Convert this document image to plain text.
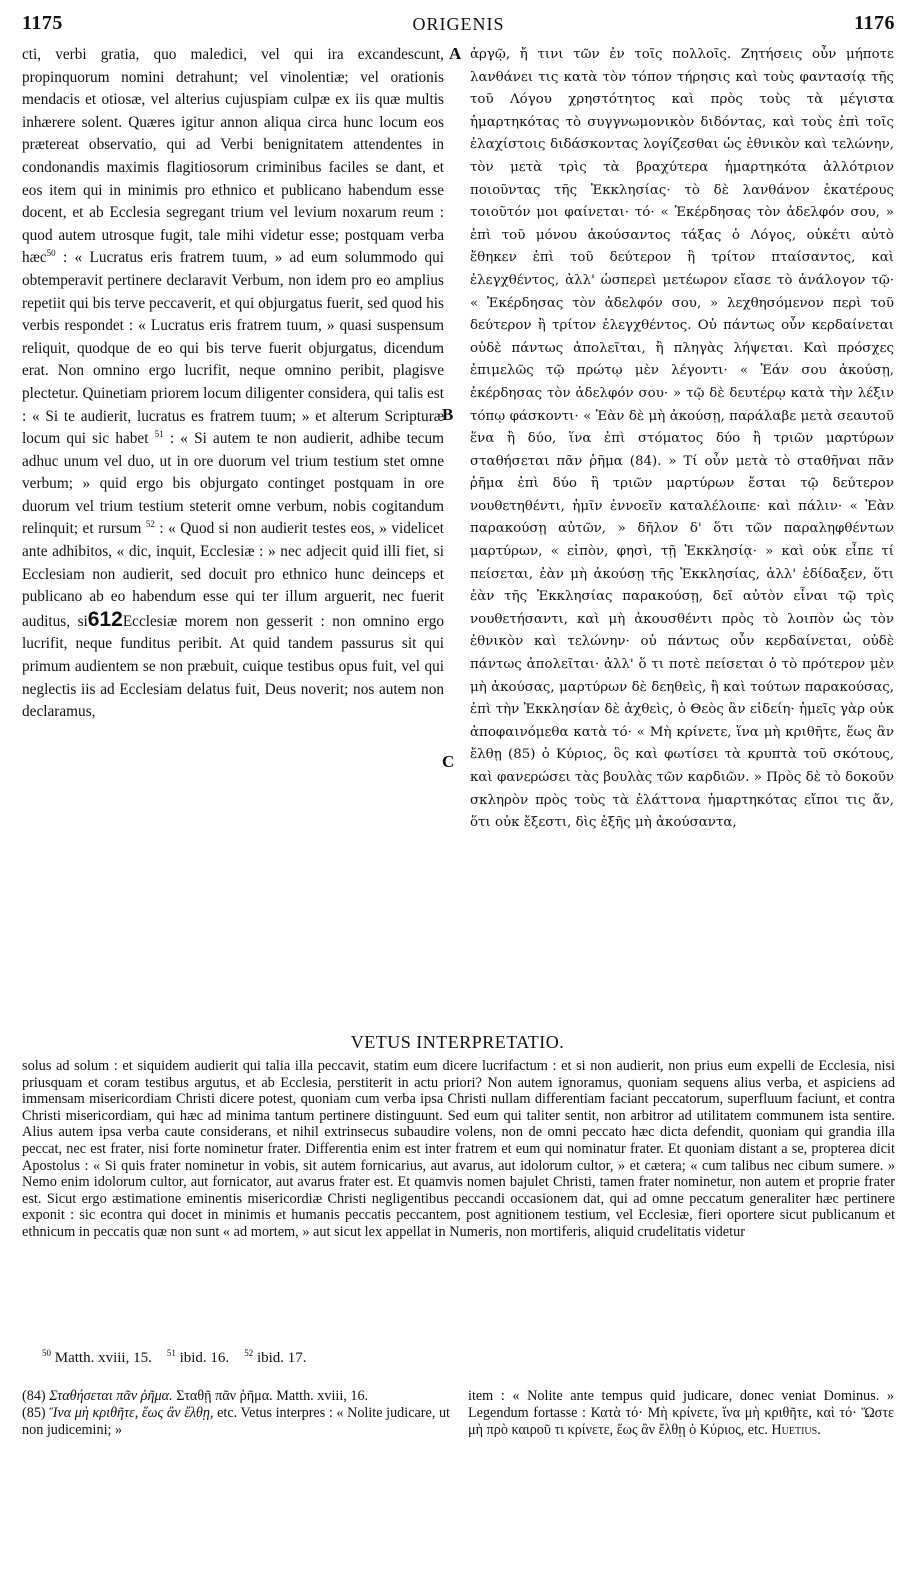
1175	ORIGENIS	1176

cti, verbi gratia, quo maledici, vel qui ira excandescunt, propinquorum nomini detrahunt; vel vinolentiæ; vel orationis mendacis et otiosæ, vel alterius cujuspiam culpæ ex iis quæ multis inhærere solent. Quæres igitur annon aliqua circa hunc locum eos prætereat observatio, qui ad Verbi benignitatem attendentes in condonandis maximis flagitiosorum criminibus faciles se dant, et eos item qui in minimis pro ethnico et publicano habendum esse docent, et ab Ecclesia segregant trium vel levium noxarum reum : quod autem utrosque fugit, tale mihi videtur esse; postquam verba hæc$^{50}$ : « Lucratus eris fratrem tuum, » ad eum solummodo qui obtemperavit pertinere declaravit Verbum, non idem pro eo amplius repetiit qui bis terve peccaverit, et qui objurgatus fuerit, sed quod his verbis respondet : « Lucratus eris fratrem tuum, » quasi suspensum reliquit, quodque de eo qui bis terve fuerit objurgatus, dicendum erat. Non omnino ergo lucrifit, neque omnino peribit, plagisve plectetur. Quinetiam priorem locum diligenter considera, qui talis est : « Si te audierit, lucratus es fratrem tuum; » et alterum Scripturæ locum qui sic habet $^{51}$ : « Si autem te non audierit, adhibe tecum adhuc unum vel duo, ut in ore duorum vel trium testium stet omne verbum; » quid ergo bis objurgato continget postquam in ore duorum vel trium testium steterit omne verbum, nobis cogitandum relinquit; et rursum $^{52}$ : « Quod si non audierit testes eos, » videlicet ante adhibitos, « dic, inquit, Ecclesiæ : » nec adjecit quid illi fiet, si Ecclesiam non audierit, sed docuit pro ethnico hunc deinceps et publicano ab eo habendum esse qui ter illum arguerit, nec fuerit auditus, si612Ecclesiæ morem non gesserit : non omnino ergo lucrifit, neque funditus peribit. At quid tandem passurus sit qui primum audientem se non præbuit, cuique testibus opus fuit, vel qui neglectis iis ad Ecclesiam delatus fuit, Deus noverit; nos autem non declaramus,

A
B
C

ἀργῷ, ἤ τινι τῶν ἐν τοῖς πολλοῖς. Ζητήσεις οὖν μήποτε λανθάνει τις κατὰ τὸν τόπον τήρησις καὶ τοὺς φαντασίᾳ τῆς τοῦ Λόγου χρηστότητος καὶ πρὸς τοὺς τὰ μέγιστα ἡμαρτηκότας τὸ συγγνωμονικὸν διδόντας, καὶ τοὺς ἐπὶ τοῖς ἐλαχίστοις διδάσκοντας λογίζεσθαι ὡς ἐθνικὸν καὶ τελώνην, τὸν μετὰ τρὶς τὰ βραχύτερα ἡμαρτηκότα ἀλλότριον ποιοῦντας τῆς Ἐκκλησίας· τὸ δὲ λανθάνον ἑκατέρους τοιοῦτόν μοι φαίνεται· τό· « Ἐκέρδησας τὸν ἀδελφόν σου, » ἐπὶ τοῦ μόνου ἀκούσαντος τάξας ὁ Λόγος, οὐκέτι αὐτὸ ἔθηκεν ἐπὶ τοῦ δεύτερον ἢ τρίτον πταίσαντος, καὶ ἐλεγχθέντος, ἀλλ' ὡσπερεὶ μετέωρον εἴασε τὸ ἀνάλογον τῷ· « Ἐκέρδησας τὸν ἀδελφόν σου, » λεχθησόμενον περὶ τοῦ δεύτερον ἢ τρίτον ἐλεγχθέντος. Οὐ πάντως οὖν κερδαίνεται οὐδὲ πάντως ἀπολεῖται, ἢ πληγὰς λήψεται. Καὶ πρόσχες ἐπιμελῶς τῷ πρώτῳ μὲν λέγοντι· « Ἐάν σου ἀκούσῃ, ἐκέρδησας τὸν ἀδελφόν σου· » τῷ δὲ δευτέρῳ κατὰ τὴν λέξιν τόπῳ φάσκοντι· « Ἐὰν δὲ μὴ ἀκούσῃ, παράλαβε μετὰ σεαυτοῦ ἕνα ἢ δύο, ἵνα ἐπὶ στόματος δύο ἢ τριῶν μαρτύρων σταθήσεται πᾶν ῥῆμα (84). » Τί οὖν μετὰ τὸ σταθῆναι πᾶν ῥῆμα ἐπὶ δύο ἢ τριῶν μαρτύρων ἔσται τῷ δεύτερον νουθετηθέντι, ἡμῖν ἐννοεῖν καταλέλοιπε· καὶ πάλιν· « Ἐὰν παρακούσῃ αὐτῶν, » δῆλον δ' ὅτι τῶν παραληφθέντων μαρτύρων, « εἰπὸν, φησὶ, τῇ Ἐκκλησίᾳ· » καὶ οὐκ εἶπε τί πείσεται, ἐὰν μὴ ἀκούσῃ τῆς Ἐκκλησίας, ἀλλ' ἐδίδαξεν, ὅτι ἐὰν τῆς Ἐκκλησίας παρακούσῃ, δεῖ αὐτὸν εἶναι τῷ τρὶς νουθετήσαντι, καὶ μὴ ἀκουσθέντι πρὸς τὸ λοιπὸν ὡς τὸν ἐθνικὸν καὶ τελώνην· οὐ πάντως οὖν κερδαίνεται, οὐδὲ πάντως ἀπολεῖται· ἀλλ' ὅ τι ποτὲ πείσεται ὁ τὸ πρότερον μὲν μὴ ἀκούσας, μαρτύρων δὲ δεηθεὶς, ἢ καὶ τούτων παρακούσας, ἐπὶ τὴν Ἐκκλησίαν δὲ ἀχθεὶς, ὁ Θεὸς ἂν εἰδείη· ἡμεῖς γὰρ οὐκ ἀποφαινόμεθα κατὰ τό· « Μὴ κρίνετε, ἵνα μὴ κριθῆτε, ἕως ἂν ἔλθῃ (85) ὁ Κύριος, ὃς καὶ φωτίσει τὰ κρυπτὰ τοῦ σκότους, καὶ φανερώσει τὰς βουλὰς τῶν καρδιῶν. » Πρὸς δὲ τὸ δοκοῦν σκληρὸν πρὸς τοὺς τὰ ἐλάττονα ἡμαρτηκότας εἴποι τις ἄν, ὅτι οὐκ ἔξεστι, δὶς ἑξῆς μὴ ἀκούσαντα,

VETUS INTERPRETATIO.

solus ad solum : et siquidem audierit qui talia illa peccavit, statim eum dicere lucrifactum : et si non audierit, non prius eum expelli de Ecclesia, nisi priusquam et coram testibus argutus, et ab Ecclesia, perstiterit in actu priori? Non autem ignoramus, quoniam sequens alius verba, et aspiciens ad immensam misericordiam Christi dicere potest, quoniam cum verba ipsa Christi nullam differentiam faciant peccatorum, superfluum faciunt, et contra Christi misericordiam, qui hæc ad minima tantum pertinere distinguunt. Sed eum qui taliter sentit, non arbitror ad utilitatem communem ista sentire. Alius autem ipsa verba caute considerans, et nihil extrinsecus subaudire volens, non de omni peccato hæc dicta defendit, quoniam qui grandia illa peccat, nec est frater, nisi forte nominetur frater. Differentia enim est inter fratrem et eum qui nominatur frater. Et quoniam distant a se, propterea dicit Apostolus : « Si quis frater nominetur in vobis, sit autem fornicarius, aut avarus, aut idolorum cultor, » et cætera; « cum talibus nec cibum sumere. » Nemo enim idolorum cultor, aut fornicator, aut avarus frater est. Et quamvis nomen bajulet Christi, tamen frater nominetur, non autem et proprie frater est. Sicut ergo æstimatione eminentis misericordiæ Christi negligentibus peccandi occasionem dat, qui ad omne peccatum generaliter hæc pertinere exponit : sic econtra qui docet in minimis et humanis peccatis peccantem, post agnitionem testium, vel Ecclesiæ, fieri oportere sicut publicanum et ethnicum in peccatis quæ non sunt « ad mortem, » aut sicut lex appellat in Numeris, non mortiferis, aliquid crudelitatis videtur

$^{50}$ Matth. xviii, 15. $^{51}$ ibid. 16. $^{52}$ ibid. 17.

(84) Σταθήσεται πᾶν ῥῆμα. Σταθῇ πᾶν ῥῆμα. Matth. xviii, 16.

(85) Ἵνα μὴ κριθῆτε, ἕως ἂν ἔλθῃ, etc. Vetus interpres : « Nolite judicare, ut non judicemini; »

item : « Nolite ante tempus quid judicare, donec veniat Dominus. » Legendum fortasse : Κατὰ τό· Μὴ κρίνετε, ἵνα μὴ κριθῆτε, καὶ τό· Ὥστε μὴ πρὸ καιροῦ τι κρίνετε, ἕως ἂν ἔλθῃ ὁ Κύριος, etc. Huetius.
